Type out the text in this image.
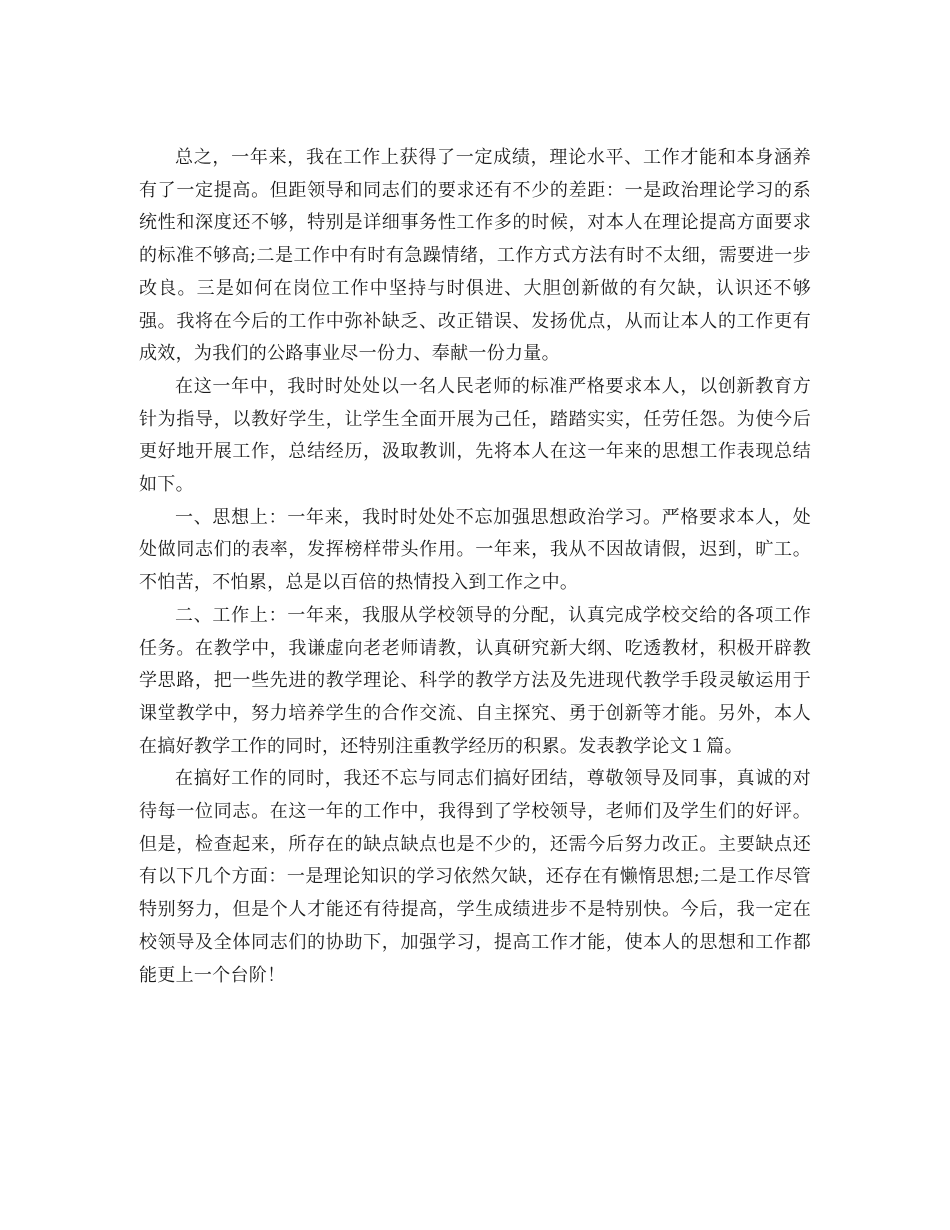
总之，一年来，我在工作上获得了一定成绩，理论水平、工作才能和本身涵养有了一定提高。但距领导和同志们的要求还有不少的差距：一是政治理论学习的系统性和深度还不够，特别是详细事务性工作多的时候，对本人在理论提高方面要求的标准不够高;二是工作中有时有急躁情绪，工作方式方法有时不太细，需要进一步改良。三是如何在岗位工作中坚持与时俱进、大胆创新做的有欠缺，认识还不够强。我将在今后的工作中弥补缺乏、改正错误、发扬优点，从而让本人的工作更有成效，为我们的公路事业尽一份力、奉献一份力量。

在这一年中，我时时处处以一名人民老师的标准严格要求本人，以创新教育方针为指导，以教好学生，让学生全面开展为己任，踏踏实实，任劳任怨。为使今后更好地开展工作，总结经历，汲取教训，先将本人在这一年来的思想工作表现总结如下。

一、思想上：一年来，我时时处处不忘加强思想政治学习。严格要求本人，处处做同志们的表率，发挥榜样带头作用。一年来，我从不因故请假，迟到，旷工。不怕苦，不怕累，总是以百倍的热情投入到工作之中。

二、工作上：一年来，我服从学校领导的分配，认真完成学校交给的各项工作任务。在教学中，我谦虚向老老师请教，认真研究新大纲、吃透教材，积极开辟教学思路，把一些先进的教学理论、科学的教学方法及先进现代教学手段灵敏运用于课堂教学中，努力培养学生的合作交流、自主探究、勇于创新等才能。另外，本人在搞好教学工作的同时，还特别注重教学经历的积累。发表教学论文１篇。

在搞好工作的同时，我还不忘与同志们搞好团结，尊敬领导及同事，真诚的对待每一位同志。在这一年的工作中，我得到了学校领导，老师们及学生们的好评。但是，检查起来，所存在的缺点缺点也是不少的，还需今后努力改正。主要缺点还有以下几个方面：一是理论知识的学习依然欠缺，还存在有懒惰思想;二是工作尽管特别努力，但是个人才能还有待提高，学生成绩进步不是特别快。今后，我一定在校领导及全体同志们的协助下，加强学习，提高工作才能，使本人的思想和工作都能更上一个台阶！
